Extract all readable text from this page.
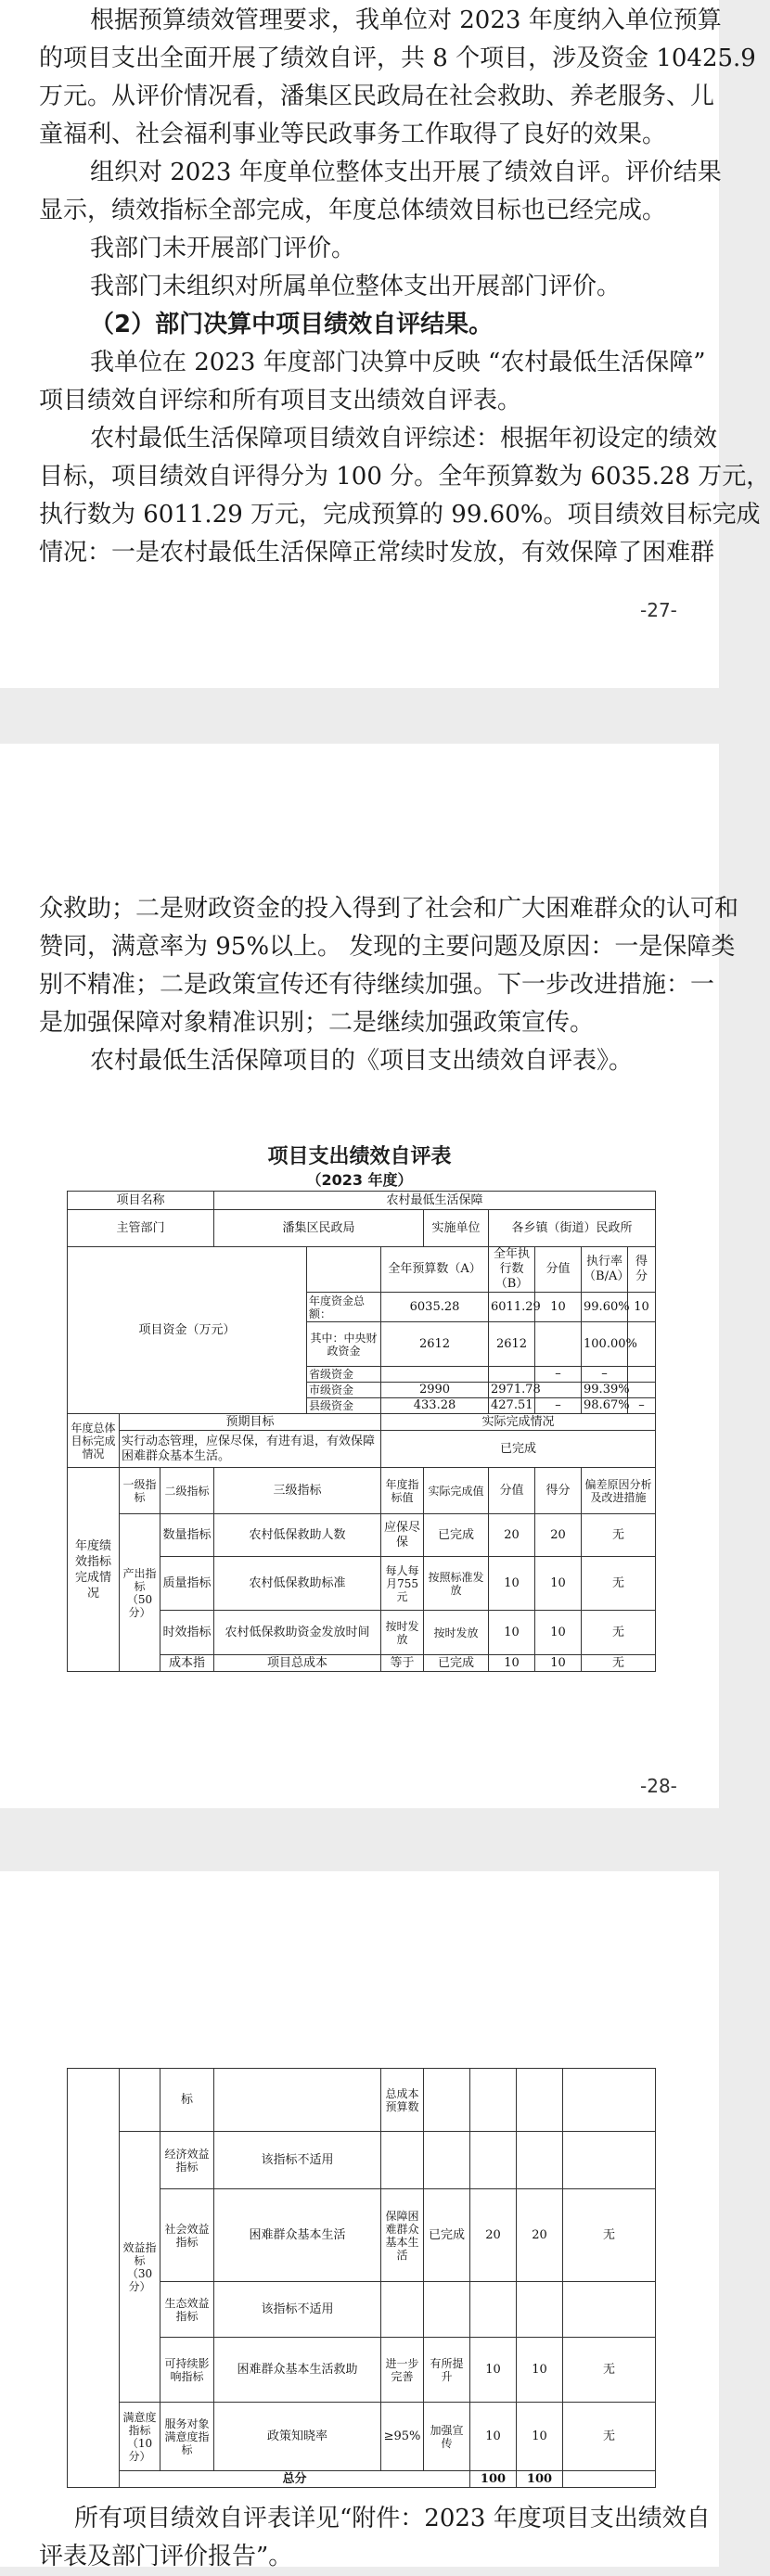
根据预算绩效管理要求，我单位对 2023 年度纳入单位预算
的项目支出全面开展了绩效自评，共 8 个项目，涉及资金 10425.9
万元。从评价情况看，潘集区民政局在社会救助、养老服务、儿
童福利、社会福利事业等民政事务工作取得了良好的效果。
组织对 2023 年度单位整体支出开展了绩效自评。评价结果
显示，绩效指标全部完成，年度总体绩效目标也已经完成。
我部门未开展部门评价。
我部门未组织对所属单位整体支出开展部门评价。
（2）部门决算中项目绩效自评结果。
我单位在 2023 年度部门决算中反映 “农村最低生活保障”
项目绩效自评综和所有项目支出绩效自评表。
农村最低生活保障项目绩效自评综述：根据年初设定的绩效
目标，项目绩效自评得分为 100 分。全年预算数为 6035.28 万元，
执行数为 6011.29 万元，完成预算的 99.60%。项目绩效目标完成
情况：一是农村最低生活保障正常续时发放，有效保障了困难群
-27-
众救助；二是财政资金的投入得到了社会和广大困难群众的认可和
赞同，满意率为 95%以上。 发现的主要问题及原因：一是保障类
别不精准；二是政策宣传还有待继续加强。下一步改进措施：一
是加强保障对象精准识别；二是继续加强政策宣传。
农村最低生活保障项目的《项目支出绩效自评表》。
项目支出绩效自评表
（2023 年度）
项目名称			农村最低生活保障							
主管部门			潘集区民政局			实施单位	各乡镇（街道）民政所			
项目资金（万元）					全年预算数（A）		全年执行数（B）	分值	执行率（B/A）	得分
				年度资金总额：	6035.28		6011.29	10	99.60%	10
				其中：中央财政资金	2612		2612		100.00%	
				省级资金				–	–	
				市级资金	2990		2971.78		99.39%	
				县级资金	433.28		427.51	–	98.67%	–
年度总体目标完成情况	预期目标				实际完成情况					
	实行动态管理，应保尽保，有进有退，有效保障困难群众基本生活。				已完成					
年度绩效指标完成情况	一级指标	二级指标	三级指标		年度指标值	实际完成值	分值	得分	偏差原因分析及改进措施	
	产出指标（50分）	数量指标	农村低保救助人数		应保尽保	已完成	20	20	无	
		质量指标	农村低保救助标准		每人每月755元	按照标准发放	10	10	无	
		时效指标	农村低保救助资金发放时间		按时发放	按时发放	10	10	无	
		成本指	项目总成本		等于	已完成	10	10	无	
-28-
		标		总成本预算数				
	效益指标（30分）	经济效益指标	该指标不适用					
		社会效益指标	困难群众基本生活	保障困难群众基本生活	已完成	20	20	无
		生态效益指标	该指标不适用					
		可持续影响指标	困难群众基本生活救助	进一步完善	有所提升	10	10	无
	满意度指标（10分）	服务对象满意度指标	政策知晓率	≥95%	加强宣传	10	10	无
	总分					100	100	
所有项目绩效自评表详见“附件：2023 年度项目支出绩效自
评表及部门评价报告”。
